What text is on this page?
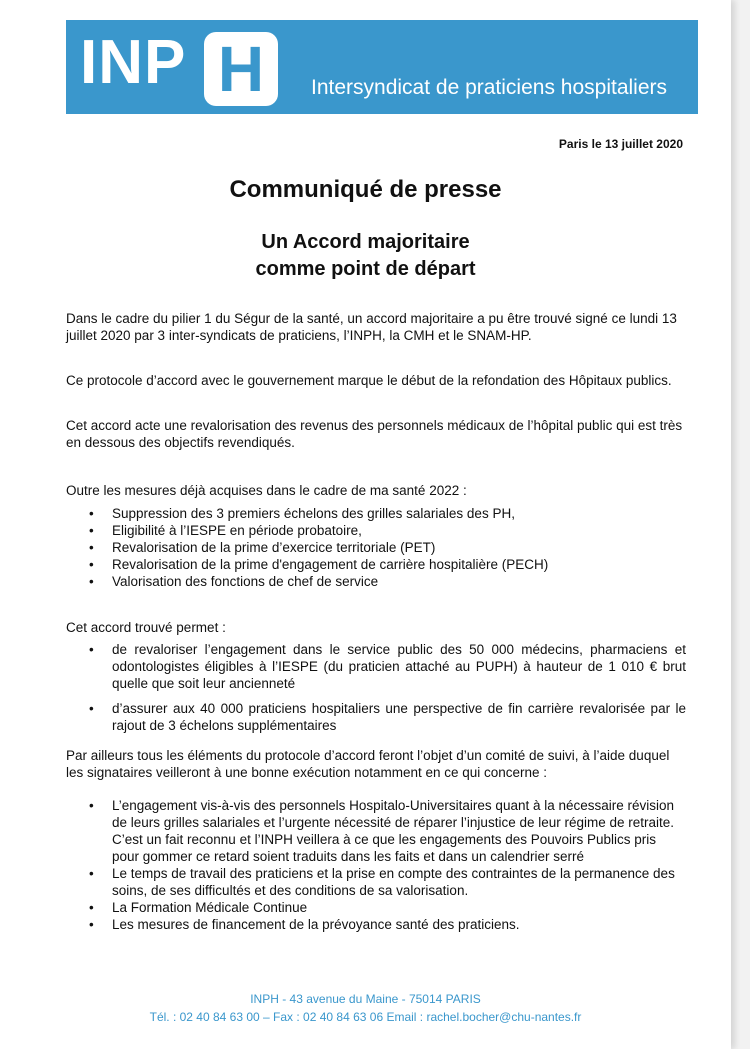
INP H	Intersyndicat de praticiens hospitaliers
Paris le 13 juillet 2020
Communiqué de presse
Un Accord majoritaire
comme point de départ
Dans le cadre du pilier 1 du Ségur de la santé, un accord majoritaire a pu être trouvé signé ce lundi 13 juillet 2020 par 3 inter-syndicats de praticiens, l’INPH, la CMH et le SNAM-HP.
Ce protocole d’accord avec le gouvernement marque le début de la refondation des Hôpitaux publics.
Cet accord acte une revalorisation des revenus des personnels médicaux de l’hôpital public qui est très en dessous des objectifs revendiqués.
Outre les mesures déjà acquises dans le cadre de ma santé 2022 :
• Suppression des 3 premiers échelons des grilles salariales des PH,
• Eligibilité à l’IESPE en période probatoire,
• Revalorisation de la prime d’exercice territoriale (PET)
• Revalorisation de la prime d'engagement de carrière hospitalière (PECH)
• Valorisation des fonctions de chef de service
Cet accord trouvé permet :
• de revaloriser l’engagement dans le service public des 50 000 médecins, pharmaciens et odontologistes éligibles à l’IESPE (du praticien attaché au PUPH) à hauteur de 1 010 € brut quelle que soit leur ancienneté
• d’assurer aux 40 000 praticiens hospitaliers une perspective de fin carrière revalorisée par le rajout de 3 échelons supplémentaires
Par ailleurs tous les éléments du protocole d’accord feront l’objet d’un comité de suivi, à l’aide duquel les signataires veilleront à une bonne exécution notamment en ce qui concerne :
• L’engagement vis-à-vis des personnels Hospitalo-Universitaires quant à la nécessaire révision de leurs grilles salariales et l’urgente nécessité de réparer l’injustice de leur régime de retraite. C’est un fait reconnu et l’INPH veillera à ce que les engagements des Pouvoirs Publics pris pour gommer ce retard soient traduits dans les faits et dans un calendrier serré
• Le temps de travail des praticiens et la prise en compte des contraintes de la permanence des soins, de ses difficultés et des conditions de sa valorisation.
• La Formation Médicale Continue
• Les mesures de financement de la prévoyance santé des praticiens.
INPH - 43 avenue du Maine - 75014 PARIS
Tél. : 02 40 84 63 00 – Fax : 02 40 84 63 06 Email : rachel.bocher@chu-nantes.fr
